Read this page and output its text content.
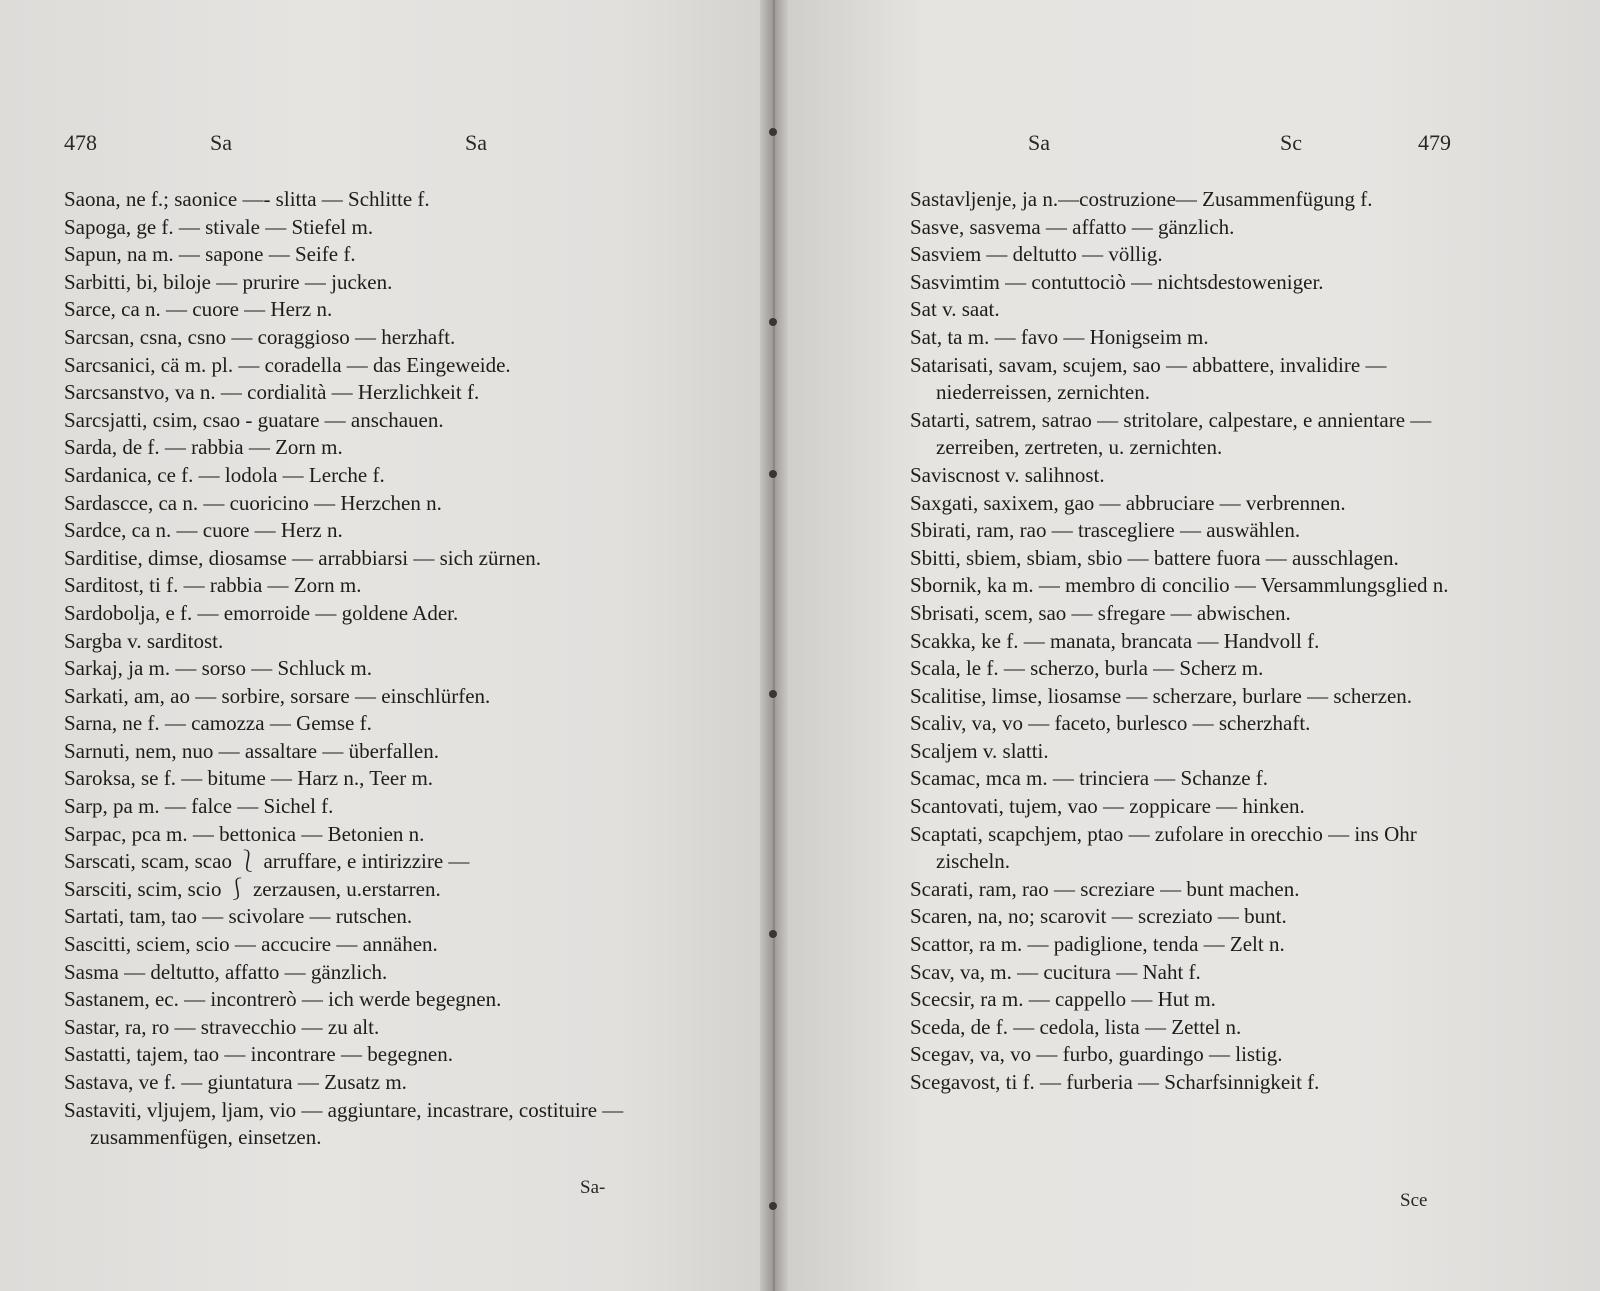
478	Sa	Sa
Saona, ne f.; saonice —- slitta — Schlitte f.
Sapoga, ge f. — stivale — Stiefel m.
Sapun, na m. — sapone — Seife f.
Sarbitti, bi, biloje — prurire — jucken.
Sarce, ca n. — cuore — Herz n.
Sarcsan, csna, csno — coraggioso — herzhaft.
Sarcsanici, cä m. pl. — coradella — das Eingeweide.
Sarcsanstvo, va n. — cordialità — Herzlichkeit f.
Sarcsjatti, csim, csao - guatare — anschauen.
Sarda, de f. — rabbia — Zorn m.
Sardanica, ce f. — lodola — Lerche f.
Sardascce, ca n. — cuoricino — Herzchen n.
Sardce, ca n. — cuore — Herz n.
Sarditise, dimse, diosamse — arrabbiarsi — sich zürnen.
Sarditost, ti f. — rabbia — Zorn m.
Sardobolja, e f. — emorroide — goldene Ader.
Sargba v. sarditost.
Sarkaj, ja m. — sorso — Schluck m.
Sarkati, am, ao — sorbire, sorsare — einschlürfen.
Sarna, ne f. — camozza — Gemse f.
Sarnuti, nem, nuo — assaltare — überfallen.
Saroksa, se f. — bitume — Harz n., Teer m.
Sarp, pa m. — falce — Sichel f.
Sarpac, pca m. — bettonica — Betonien n.
Sarscati, scam, scao ⎱ arruffare, e intirizzire —
Sarsciti, scim, scio ⎰ zerzausen, u.erstarren.
Sartati, tam, tao — scivolare — rutschen.
Sascitti, sciem, scio — accucire — annähen.
Sasma — deltutto, affatto — gänzlich.
Sastanem, ec. — incontrerò — ich werde begegnen.
Sastar, ra, ro — stravecchio — zu alt.
Sastatti, tajem, tao — incontrare — begegnen.
Sastava, ve f. — giuntatura — Zusatz m.
Sastaviti, vljujem, ljam, vio — aggiuntare, incastrare, costituire — zusammenfügen, einsetzen.
Sa-
Sa	Sc	479
Sastavljenje, ja n.—costruzione— Zusammenfügung f.
Sasve, sasvema — affatto — gänzlich.
Sasviem — deltutto — völlig.
Sasvimtim — contuttociò — nichtsdestoweniger.
Sat v. saat.
Sat, ta m. — favo — Honigseim m.
Satarisati, savam, scujem, sao — abbattere, invalidire — niederreissen, zernichten.
Satarti, satrem, satrao — stritolare, calpestare, e annientare — zerreiben, zertreten, u. zernichten.
Saviscnost v. salihnost.
Saxgati, saxixem, gao — abbruciare — verbrennen.
Sbirati, ram, rao — trascegliere — auswählen.
Sbitti, sbiem, sbiam, sbio — battere fuora — ausschlagen.
Sbornik, ka m. — membro di concilio — Versammlungsglied n.
Sbrisati, scem, sao — sfregare — abwischen.
Scakka, ke f. — manata, brancata — Handvoll f.
Scala, le f. — scherzo, burla — Scherz m.
Scalitise, limse, liosamse — scherzare, burlare — scherzen.
Scaliv, va, vo — faceto, burlesco — scherzhaft.
Scaljem v. slatti.
Scamac, mca m. — trinciera — Schanze f.
Scantovati, tujem, vao — zoppicare — hinken.
Scaptati, scapchjem, ptao — zufolare in orecchio — ins Ohr zischeln.
Scarati, ram, rao — screziare — bunt machen.
Scaren, na, no; scarovit — screziato — bunt.
Scattor, ra m. — padiglione, tenda — Zelt n.
Scav, va, m. — cucitura — Naht f.
Scecsir, ra m. — cappello — Hut m.
Sceda, de f. — cedola, lista — Zettel n.
Scegav, va, vo — furbo, guardingo — listig.
Scegavost, ti f. — furberia — Scharfsinnigkeit f.
Sce
